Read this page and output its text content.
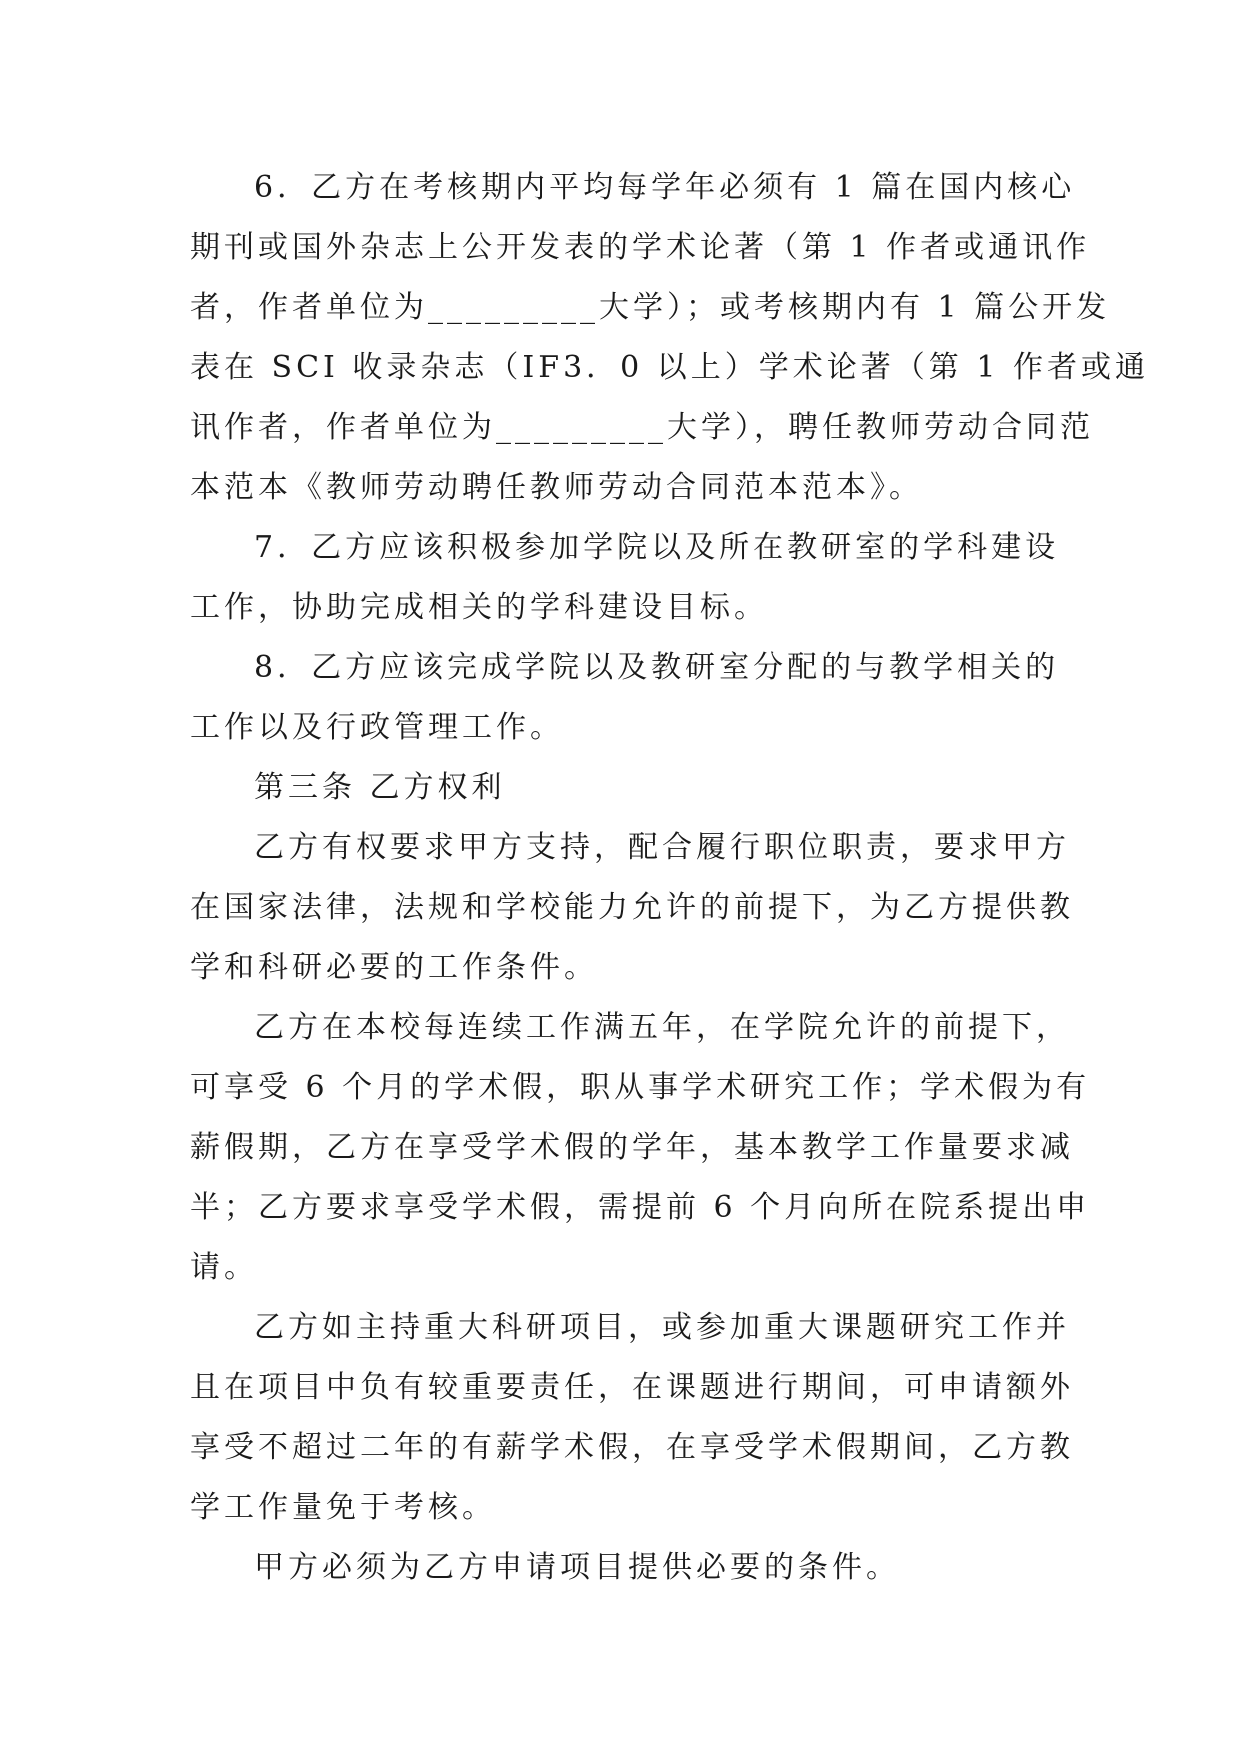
6．乙方在考核期内平均每学年必须有 1 篇在国内核心
期刊或国外杂志上公开发表的学术论著（第 1 作者或通讯作
者，作者单位为_________大学）；或考核期内有 1 篇公开发
表在 SCI 收录杂志（IF3．0 以上）学术论著（第 1 作者或通
讯作者，作者单位为_________大学），聘任教师劳动合同范
本范本《教师劳动聘任教师劳动合同范本范本》。
7．乙方应该积极参加学院以及所在教研室的学科建设
工作，协助完成相关的学科建设目标。
8．乙方应该完成学院以及教研室分配的与教学相关的
工作以及行政管理工作。
第三条 乙方权利
乙方有权要求甲方支持，配合履行职位职责，要求甲方
在国家法律，法规和学校能力允许的前提下，为乙方提供教
学和科研必要的工作条件。
乙方在本校每连续工作满五年，在学院允许的前提下，
可享受 6 个月的学术假，职从事学术研究工作；学术假为有
薪假期，乙方在享受学术假的学年，基本教学工作量要求减
半；乙方要求享受学术假，需提前 6 个月向所在院系提出申
请。
乙方如主持重大科研项目，或参加重大课题研究工作并
且在项目中负有较重要责任，在课题进行期间，可申请额外
享受不超过二年的有薪学术假，在享受学术假期间，乙方教
学工作量免于考核。
甲方必须为乙方申请项目提供必要的条件。
